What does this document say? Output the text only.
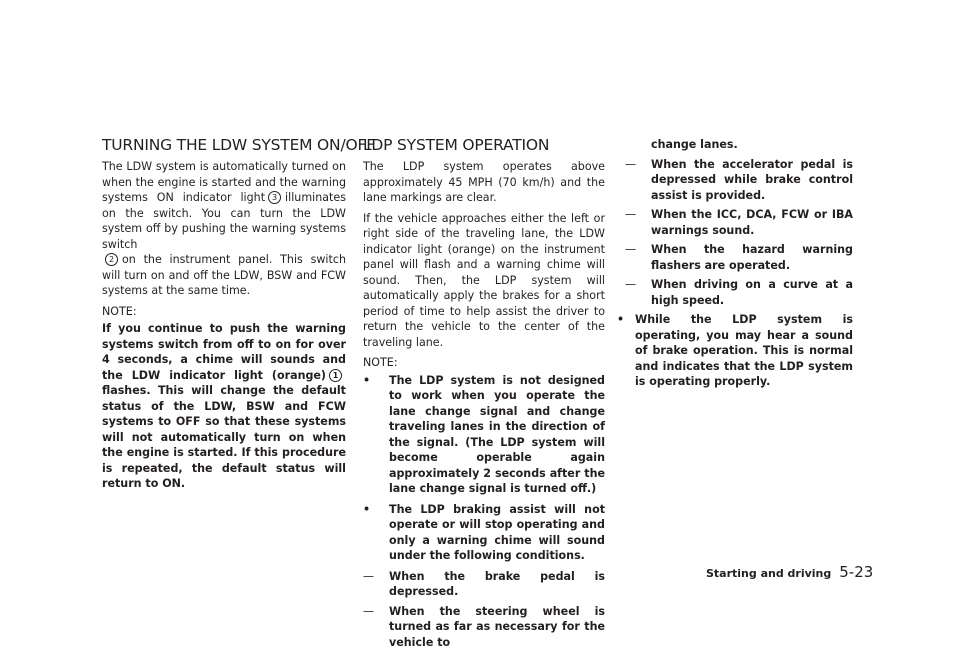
TURNING THE LDW SYSTEM ON/OFF

The LDW system is automatically turned on when the engine is started and the warning systems ON indicator light 3 illuminates on the switch. You can turn the LDW system off by pushing the warning systems switch
2 on the instrument panel. This switch will turn on and off the LDW, BSW and FCW systems at the same time.

NOTE:

If you continue to push the warning systems switch from off to on for over 4 seconds, a chime will sounds and the LDW indicator light (orange) 1flashes. This will change the default status of the LDW, BSW and FCW systems to OFF so that these systems will not automatically turn on when the engine is started. If this procedure is repeated, the default status will return to ON.

LDP SYSTEM OPERATION

The LDP system operates above approximately 45 MPH (70 km/h) and the lane markings are clear.

If the vehicle approaches either the left or right side of the traveling lane, the LDW indicator light (orange) on the instrument panel will flash and a warning chime will sound. Then, the LDP system will automatically apply the brakes for a short period of time to help assist the driver to return the vehicle to the center of the traveling lane.

NOTE:

• The LDP system is not designed to work when you operate the lane change signal and change traveling lanes in the direction of the signal. (The LDP system will become operable again approximately 2 seconds after the lane change signal is turned off.)
• The LDP braking assist will not operate or will stop operating and only a warning chime will sound under the following conditions.
— When the brake pedal is depressed.
— When the steering wheel is turned as far as necessary for the vehicle to
change lanes.
— When the accelerator pedal is depressed while brake control assist is provided.
— When the ICC, DCA, FCW or IBA warnings sound.
— When the hazard warning flashers are operated.
— When driving on a curve at a high speed.
• While the LDP system is operating, you may hear a sound of brake operation. This is normal and indicates that the LDP system is operating properly.
Starting and driving 5-23
